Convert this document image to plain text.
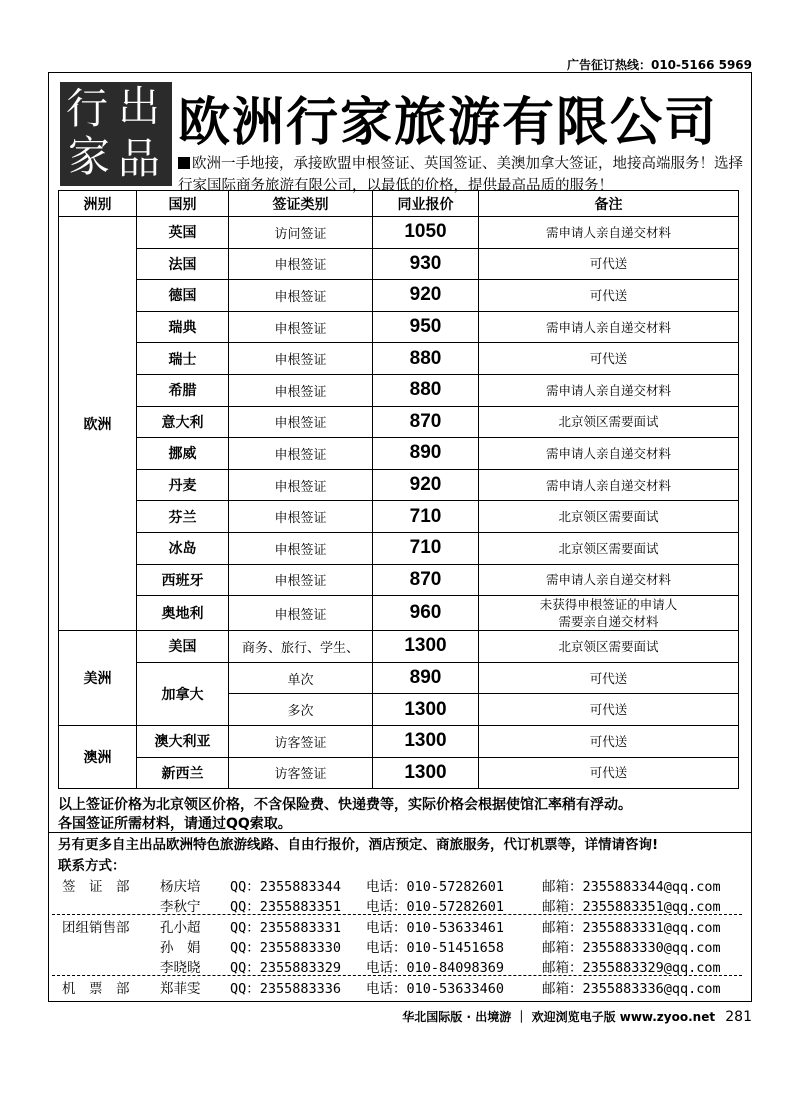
广告征订热线：010-5166 5969
行 出
家 品
欧洲行家旅游有限公司
欧洲一手地接，承接欧盟申根签证、英国签证、美澳加拿大签证，地接高端服务！选择行家国际商务旅游有限公司，以最低的价格，提供最高品质的服务！
洲别	国别	签证类别	同业报价	备注
欧洲	英国	访问签证	1050	需申请人亲自递交材料
	法国	申根签证	930	可代送
	德国	申根签证	920	可代送
	瑞典	申根签证	950	需申请人亲自递交材料
	瑞士	申根签证	880	可代送
	希腊	申根签证	880	需申请人亲自递交材料
	意大利	申根签证	870	北京领区需要面试
	挪威	申根签证	890	需申请人亲自递交材料
	丹麦	申根签证	920	需申请人亲自递交材料
	芬兰	申根签证	710	北京领区需要面试
	冰岛	申根签证	710	北京领区需要面试
	西班牙	申根签证	870	需申请人亲自递交材料
	奥地利	申根签证	960	未获得申根签证的申请人
需要亲自递交材料

美洲	美国	商务、旅行、学生、	1300	北京领区需要面试
	加拿大	单次	890	可代送
		多次	1300	可代送
澳洲	澳大利亚	访客签证	1300	可代送
	新西兰	访客签证	1300	可代送
以上签证价格为北京领区价格，不含保险费、快递费等，实际价格会根据使馆汇率稍有浮动。
各国签证所需材料，请通过QQ索取。
另有更多自主出品欧洲特色旅游线路、自由行报价，酒店预定、商旅服务，代订机票等，详情请咨询!
联系方式：
签　证　部 杨庆培 QQ：2355883344 电话：010-57282601	邮箱：2355883344@qq.com
李秋宁 QQ：2355883351 电话：010-57282601	邮箱：2355883351@qq.com
团组销售部 孔小超 QQ：2355883331 电话：010-53633461	邮箱：2355883331@qq.com
孙　娟 QQ：2355883330 电话：010-51451658	邮箱：2355883330@qq.com
李晓晓 QQ：2355883329 电话：010-84098369	邮箱：2355883329@qq.com
机　票　部 郑菲雯 QQ：2355883336 电话：010-53633460	邮箱：2355883336@qq.com
华北国际版 · 出境游 ｜ 欢迎浏览电子版 www.zyoo.net 281
